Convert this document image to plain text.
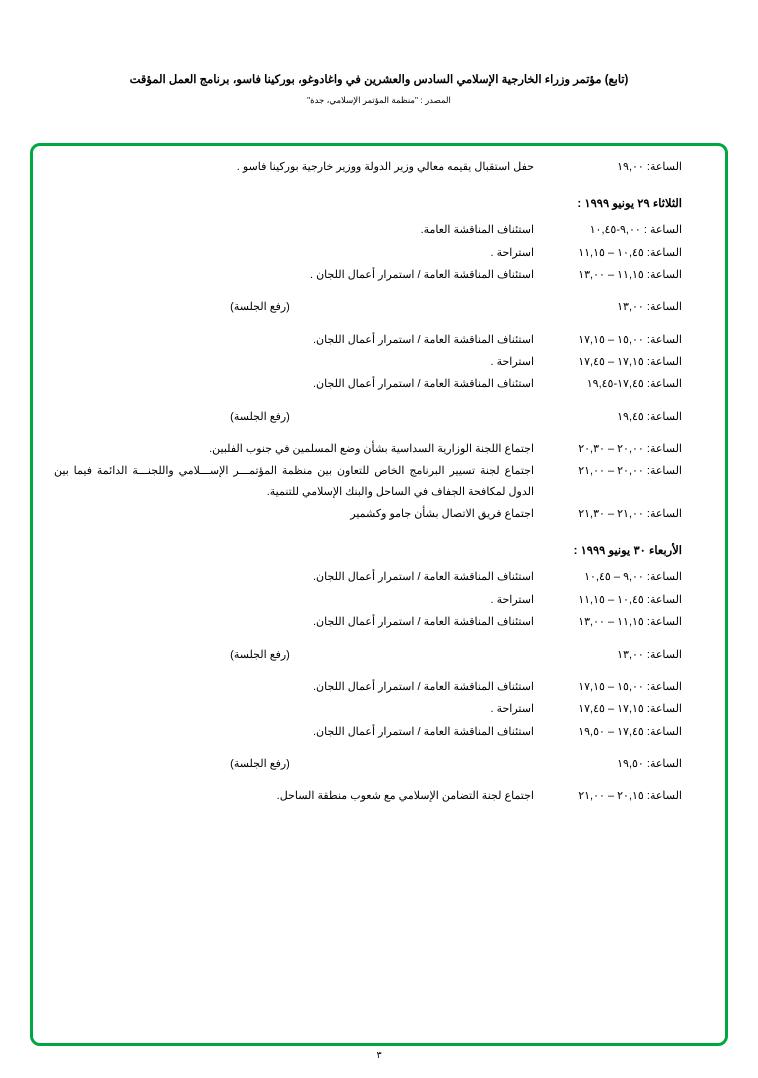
(تابع) مؤتمر وزراء الخارجية الإسلامي السادس والعشرين في واغادوغو، بوركينا فاسو، برنامج العمل المؤقت
المصدر : "منظمة المؤتمر الإسلامي، جدة"
الساعة: ١٩,٠٠
حفل استقبال يقيمه معالي وزير الدولة ووزير خارجية بوركينا فاسو .
الثلاثاء ٢٩ يونيو ١٩٩٩ :
الساعة : ٩,٠٠-١٠,٤٥
استئناف المناقشة العامة.
الساعة: ١٠,٤٥ – ١١,١٥
استراحة .
الساعة: ١١,١٥ – ١٣,٠٠
استئناف المناقشة العامة / استمرار أعمال اللجان .
الساعة: ١٣,٠٠
(رفع الجلسة)
الساعة: ١٥,٠٠ – ١٧,١٥
استئناف المناقشة العامة / استمرار أعمال اللجان.
الساعة: ١٧,١٥ – ١٧,٤٥
استراحة .
الساعة: ١٧,٤٥-١٩,٤٥
استئناف المناقشة العامة / استمرار أعمال اللجان.
الساعة: ١٩,٤٥
(رفع الجلسة)
الساعة: ٢٠,٠٠ – ٢٠,٣٠
اجتماع اللجنة الوزارية السداسية بشأن وضع المسلمين في جنوب الفلبين.
الساعة: ٢٠,٠٠ – ٢١,٠٠
اجتماع لجنة تسيير البرنامج الخاص للتعاون بين منظمة المؤتمـــر الإســـلامي واللجنـــة الدائمة فيما بين الدول لمكافحة الجفاف في الساحل والبنك الإسلامي للتنمية.
الساعة: ٢١,٠٠ – ٢١,٣٠
اجتماع فريق الاتصال بشأن جامو وكشمير
الأربعاء ٣٠ يونيو ١٩٩٩ :
الساعة: ٩,٠٠ – ١٠,٤٥
استئناف المناقشة العامة / استمرار أعمال اللجان.
الساعة: ١٠,٤٥ – ١١,١٥
استراحة .
الساعة: ١١,١٥ – ١٣,٠٠
استئناف المناقشة العامة / استمرار أعمال اللجان.
الساعة: ١٣,٠٠
(رفع الجلسة)
الساعة: ١٥,٠٠ – ١٧,١٥
استئناف المناقشة العامة / استمرار أعمال اللجان.
الساعة: ١٧,١٥ – ١٧,٤٥
استراحة .
الساعة: ١٧,٤٥ – ١٩,٥٠
استئناف المناقشة العامة / استمرار أعمال اللجان.
الساعة: ١٩,٥٠
(رفع الجلسة)
الساعة: ٢٠,١٥ – ٢١,٠٠
اجتماع لجنة التضامن الإسلامي مع شعوب منطقة الساحل.
٣
